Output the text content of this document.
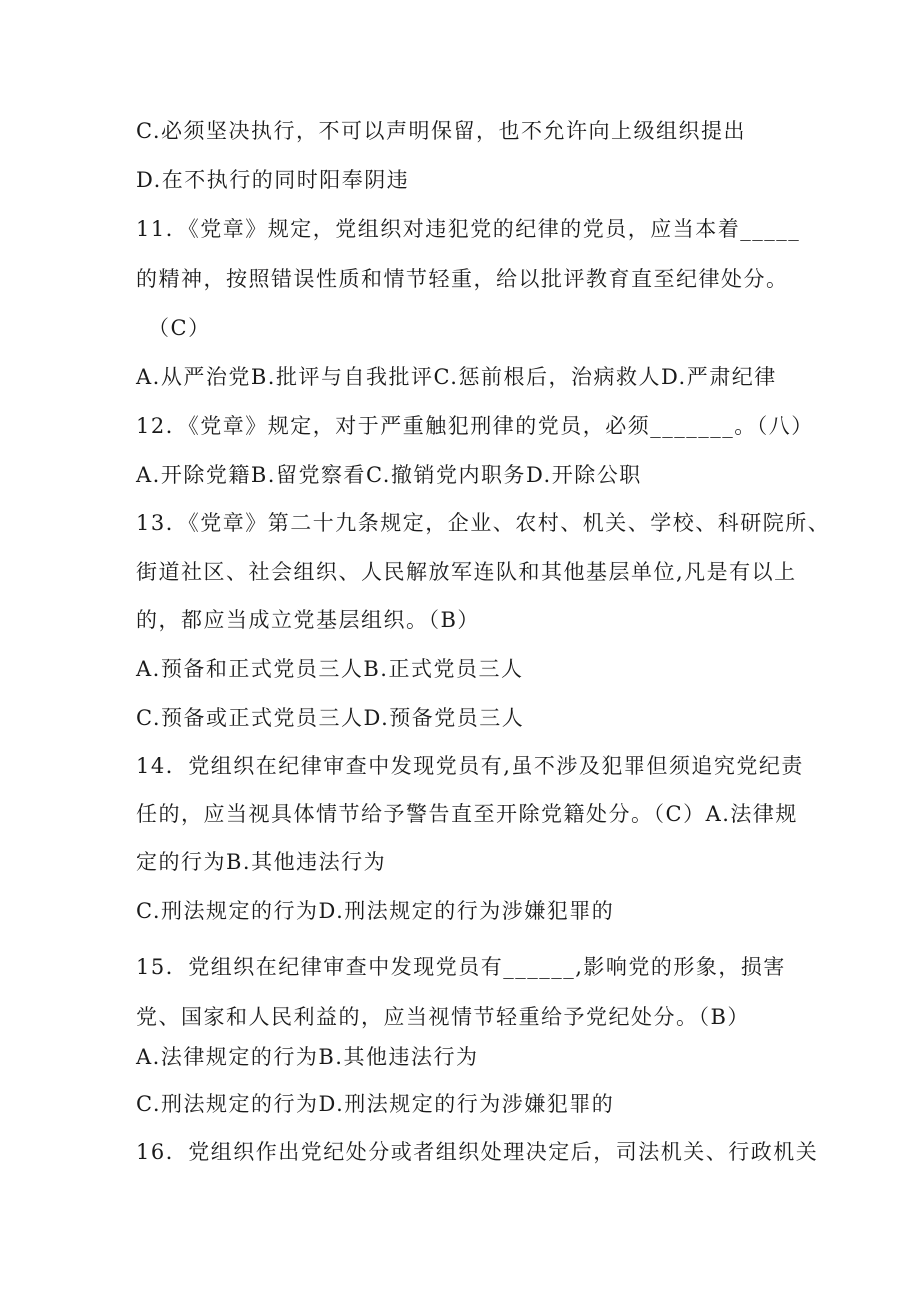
C.必须坚决执行，不可以声明保留，也不允许向上级组织提出
D.在不执行的同时阳奉阴违
11．《党章》规定，党组织对违犯党的纪律的党员，应当本着_____
的精神，按照错误性质和情节轻重，给以批评教育直至纪律处分。
（C）
A.从严治党B.批评与自我批评C.惩前根后，治病救人D.严肃纪律
12．《党章》规定，对于严重触犯刑律的党员，必须_______。（八）
A.开除党籍B.留党察看C.撤销党内职务D.开除公职
13．《党章》第二十九条规定，企业、农村、机关、学校、科研院所、
街道社区、社会组织、人民解放军连队和其他基层单位,凡是有以上
的，都应当成立党基层组织。（B）
A.预备和正式党员三人B.正式党员三人
C.预备或正式党员三人D.预备党员三人
14．党组织在纪律审查中发现党员有,虽不涉及犯罪但须追究党纪责
任的，应当视具体情节给予警告直至开除党籍处分。（C）A.法律规
定的行为B.其他违法行为
C.刑法规定的行为D.刑法规定的行为涉嫌犯罪的
15．党组织在纪律审查中发现党员有______,影响党的形象，损害
党、国家和人民利益的，应当视情节轻重给予党纪处分。（B）
A.法律规定的行为B.其他违法行为
C.刑法规定的行为D.刑法规定的行为涉嫌犯罪的
16．党组织作出党纪处分或者组织处理决定后，司法机关、行政机关
